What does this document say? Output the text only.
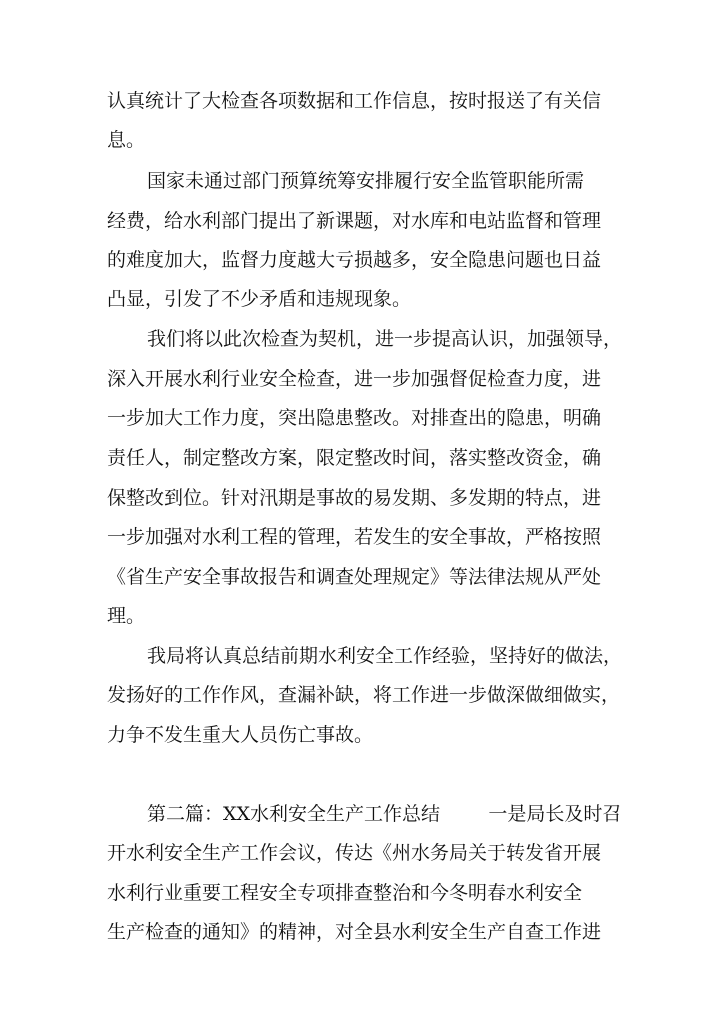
认真统计了大检查各项数据和工作信息，按时报送了有关信
息。
国家未通过部门预算统筹安排履行安全监管职能所需
经费，给水利部门提出了新课题，对水库和电站监督和管理
的难度加大，监督力度越大亏损越多，安全隐患问题也日益
凸显，引发了不少矛盾和违规现象。
我们将以此次检查为契机，进一步提高认识，加强领导，
深入开展水利行业安全检查，进一步加强督促检查力度，进
一步加大工作力度，突出隐患整改。对排查出的隐患，明确
责任人，制定整改方案，限定整改时间，落实整改资金，确
保整改到位。针对汛期是事故的易发期、多发期的特点，进
一步加强对水利工程的管理，若发生的安全事故，严格按照
《省生产安全事故报告和调查处理规定》等法律法规从严处
理。
我局将认真总结前期水利安全工作经验，坚持好的做法，
发扬好的工作作风，查漏补缺，将工作进一步做深做细做实，
力争不发生重大人员伤亡事故。
第二篇：XX水利安全生产工作总结        一是局长及时召
开水利安全生产工作会议，传达《州水务局关于转发省开展
水利行业重要工程安全专项排查整治和今冬明春水利安全
生产检查的通知》的精神，对全县水利安全生产自查工作进
